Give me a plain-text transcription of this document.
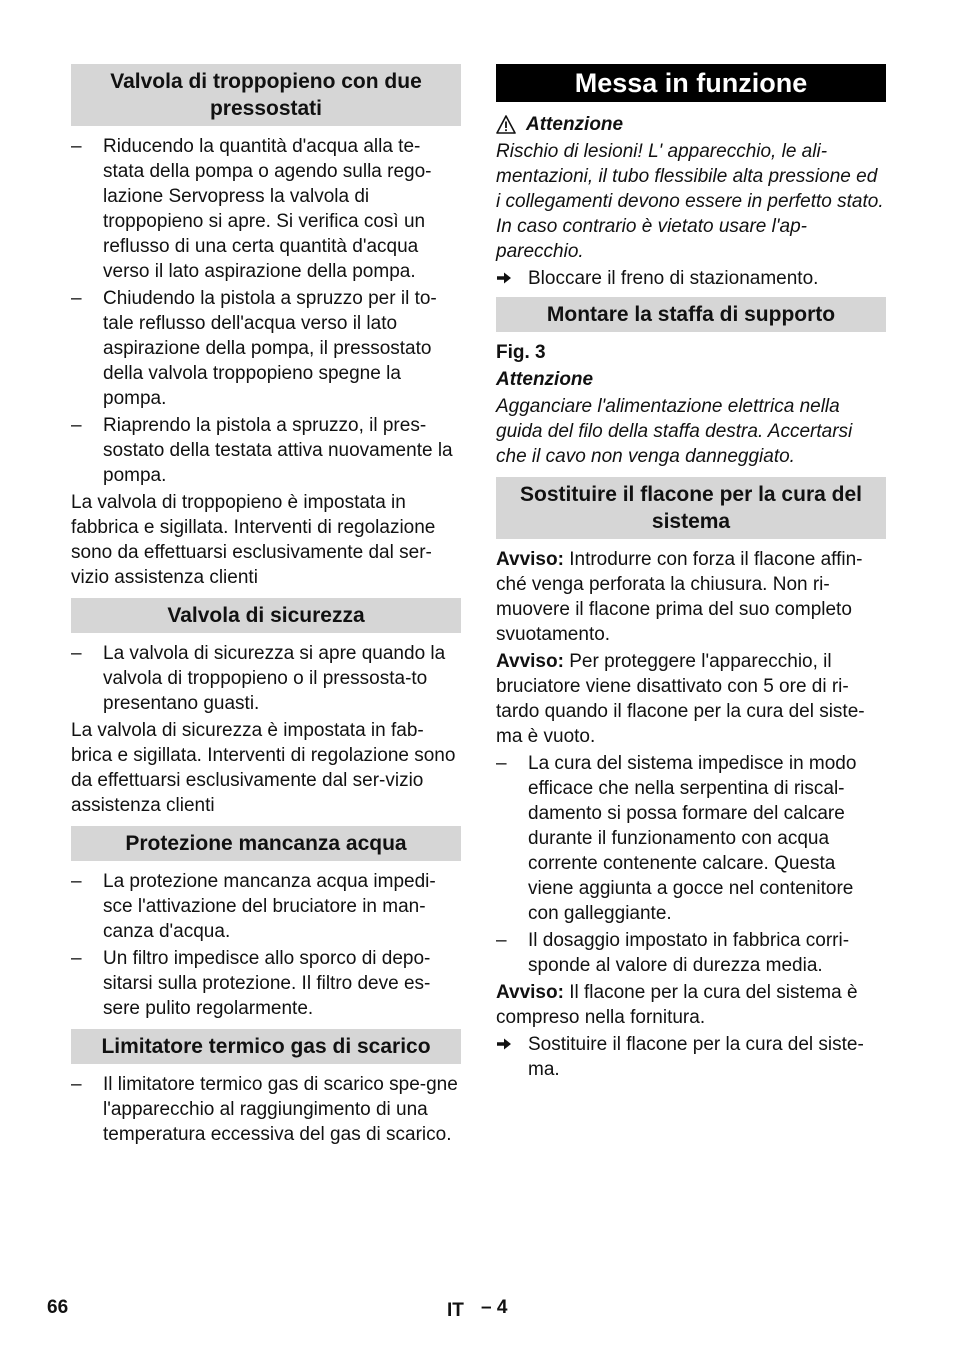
Valvola di troppopieno con due pressostati
– Riducendo la quantità d'acqua alla te-stata della pompa o agendo sulla rego-lazione Servopress la valvola di troppopieno si apre. Si verifica così un reflusso di una certa quantità d'acqua verso il lato aspirazione della pompa.
– Chiudendo la pistola a spruzzo per il to-tale reflusso dell'acqua verso il lato aspirazione della pompa, il pressostato della valvola troppopieno spegne la pompa.
– Riaprendo la pistola a spruzzo, il pres-sostato della testata attiva nuovamente la pompa.
La valvola di troppopieno è impostata in fabbrica e sigillata. Interventi di regolazione sono da effettuarsi esclusivamente dal ser-vizio assistenza clienti
Valvola di sicurezza
– La valvola di sicurezza si apre quando la valvola di troppopieno o il pressosta-to presentano guasti.
La valvola di sicurezza è impostata in fab-brica e sigillata. Interventi di regolazione sono da effettuarsi esclusivamente dal ser-vizio assistenza clienti
Protezione mancanza acqua
– La protezione mancanza acqua impedi-sce l'attivazione del bruciatore in man-canza d'acqua.
– Un filtro impedisce allo sporco di depo-sitarsi sulla protezione. Il filtro deve es-sere pulito regolarmente.
Limitatore termico gas di scarico
– Il limitatore termico gas di scarico spe-gne l'apparecchio al raggiungimento di una temperatura eccessiva del gas di scarico.
Messa in funzione
Attenzione
Rischio di lesioni! L' apparecchio, le ali-mentazioni, il tubo flessibile alta pressione ed i collegamenti devono essere in perfetto stato. In caso contrario è vietato usare l'ap-parecchio.
Bloccare il freno di stazionamento.
Montare la staffa di supporto
Fig. 3
Attenzione
Agganciare l'alimentazione elettrica nella guida del filo della staffa destra. Accertarsi che il cavo non venga danneggiato.
Sostituire il flacone per la cura del sistema
Avviso: Introdurre con forza il flacone affin-ché venga perforata la chiusura. Non ri-muovere il flacone prima del suo completo svuotamento.
Avviso: Per proteggere l'apparecchio, il bruciatore viene disattivato con 5 ore di ri-tardo quando il flacone per la cura del siste-ma è vuoto.
– La cura del sistema impedisce in modo efficace che nella serpentina di riscal-damento si possa formare del calcare durante il funzionamento con acqua corrente contenente calcare. Questa viene aggiunta a gocce nel contenitore con galleggiante.
– Il dosaggio impostato in fabbrica corri-sponde al valore di durezza media.
Avviso: Il flacone per la cura del sistema è compreso nella fornitura.
Sostituire il flacone per la cura del siste-ma.
66	IT – 4
